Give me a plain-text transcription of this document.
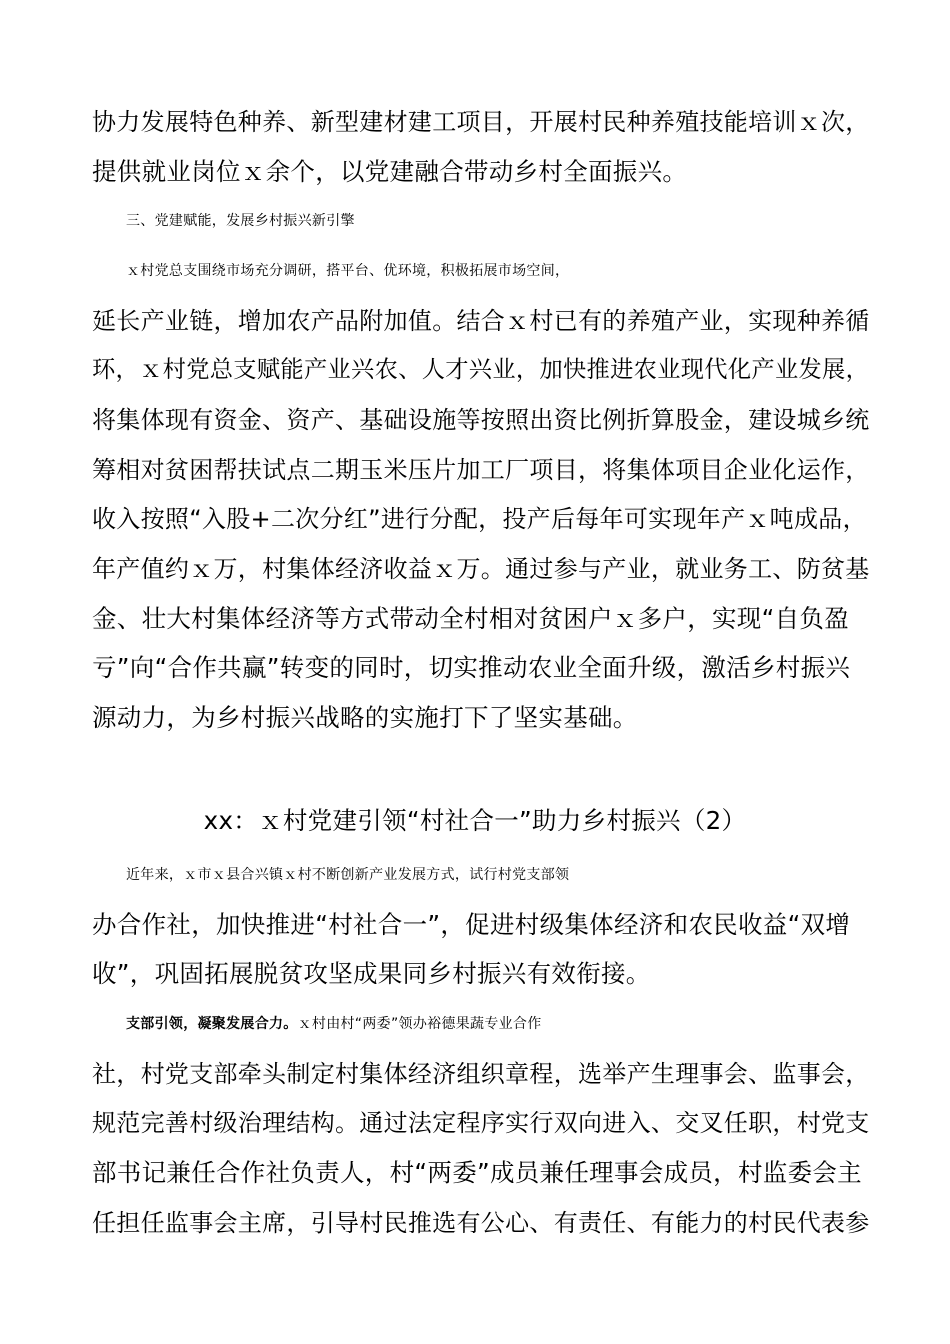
协力发展特色种养、新型建材建工项目，开展村民种养殖技能培训ｘ次，
提供就业岗位ｘ余个，以党建融合带动乡村全面振兴。
三、党建赋能，发展乡村振兴新引擎
ｘ村党总支围绕市场充分调研，搭平台、优环境，积极拓展市场空间，
延长产业链，增加农产品附加值。结合ｘ村已有的养殖产业，实现种养循
环，ｘ村党总支赋能产业兴农、人才兴业，加快推进农业现代化产业发展，
将集体现有资金、资产、基础设施等按照出资比例折算股金，建设城乡统
筹相对贫困帮扶试点二期玉米压片加工厂项目，将集体项目企业化运作，
收入按照“入股+二次分红”进行分配，投产后每年可实现年产ｘ吨成品，
年产值约ｘ万，村集体经济收益ｘ万。通过参与产业，就业务工、防贫基
金、壮大村集体经济等方式带动全村相对贫困户ｘ多户，实现“自负盈
亏”向“合作共赢”转变的同时，切实推动农业全面升级，激活乡村振兴
源动力，为乡村振兴战略的实施打下了坚实基础。
xx：ｘ村党建引领“村社合一”助力乡村振兴（2）
近年来，ｘ市ｘ县合兴镇ｘ村不断创新产业发展方式，试行村党支部领
办合作社，加快推进“村社合一”，促进村级集体经济和农民收益“双增
收”，巩固拓展脱贫攻坚成果同乡村振兴有效衔接。
支部引领，凝聚发展合力。ｘ村由村“两委”领办裕德果蔬专业合作
社，村党支部牵头制定村集体经济组织章程，选举产生理事会、监事会，
规范完善村级治理结构。通过法定程序实行双向进入、交叉任职，村党支
部书记兼任合作社负责人，村“两委”成员兼任理事会成员，村监委会主
任担任监事会主席，引导村民推选有公心、有责任、有能力的村民代表参
